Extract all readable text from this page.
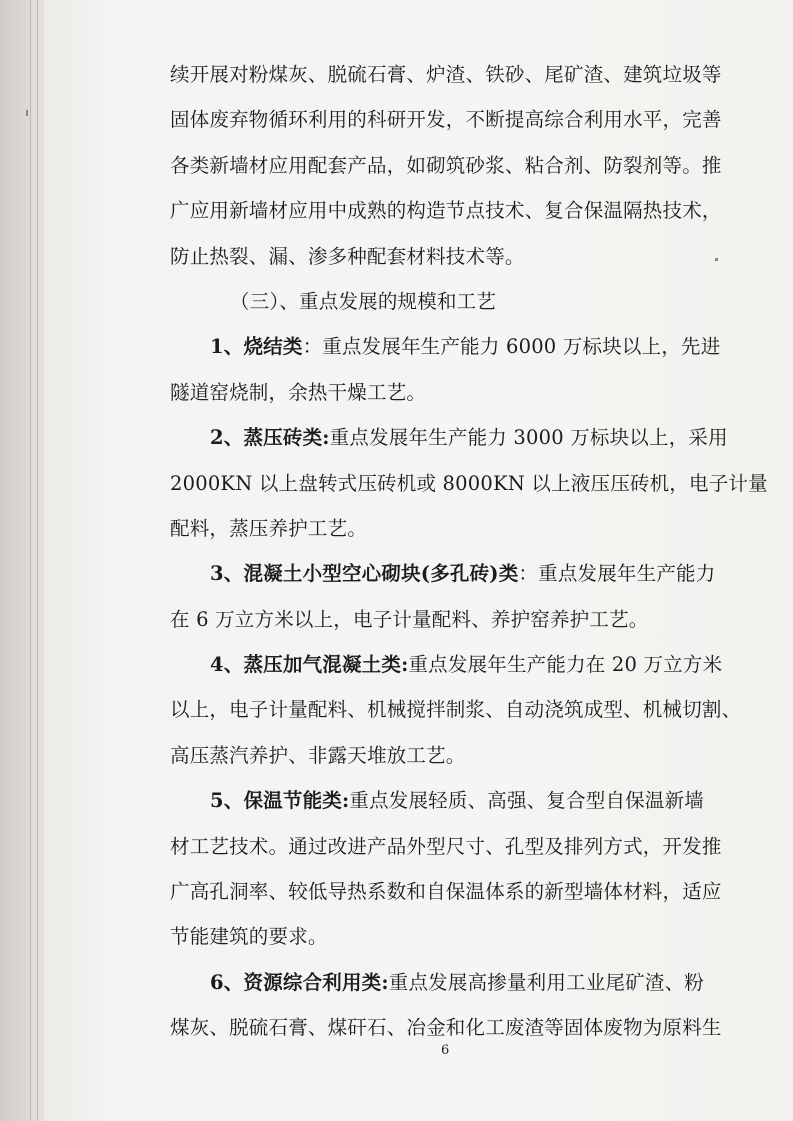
续开展对粉煤灰、脱硫石膏、炉渣、铁砂、尾矿渣、建筑垃圾等
固体废弃物循环利用的科研开发，不断提高综合利用水平，完善
各类新墙材应用配套产品，如砌筑砂浆、粘合剂、防裂剂等。推
广应用新墙材应用中成熟的构造节点技术、复合保温隔热技术，
防止热裂、漏、渗多种配套材料技术等。
（三）、重点发展的规模和工艺
1、烧结类：重点发展年生产能力 6000 万标块以上，先进
隧道窑烧制，余热干燥工艺。
2、蒸压砖类:重点发展年生产能力 3000 万标块以上，采用
2000KN 以上盘转式压砖机或 8000KN 以上液压压砖机，电子计量
配料，蒸压养护工艺。
3、混凝土小型空心砌块(多孔砖)类：重点发展年生产能力
在 6 万立方米以上，电子计量配料、养护窑养护工艺。
4、蒸压加气混凝土类:重点发展年生产能力在 20 万立方米
以上，电子计量配料、机械搅拌制浆、自动浇筑成型、机械切割、
高压蒸汽养护、非露天堆放工艺。
5、保温节能类:重点发展轻质、高强、复合型自保温新墙
材工艺技术。通过改进产品外型尺寸、孔型及排列方式，开发推
广高孔洞率、较低导热系数和自保温体系的新型墙体材料，适应
节能建筑的要求。
6、资源综合利用类:重点发展高掺量利用工业尾矿渣、粉
煤灰、脱硫石膏、煤矸石、冶金和化工废渣等固体废物为原料生
6
